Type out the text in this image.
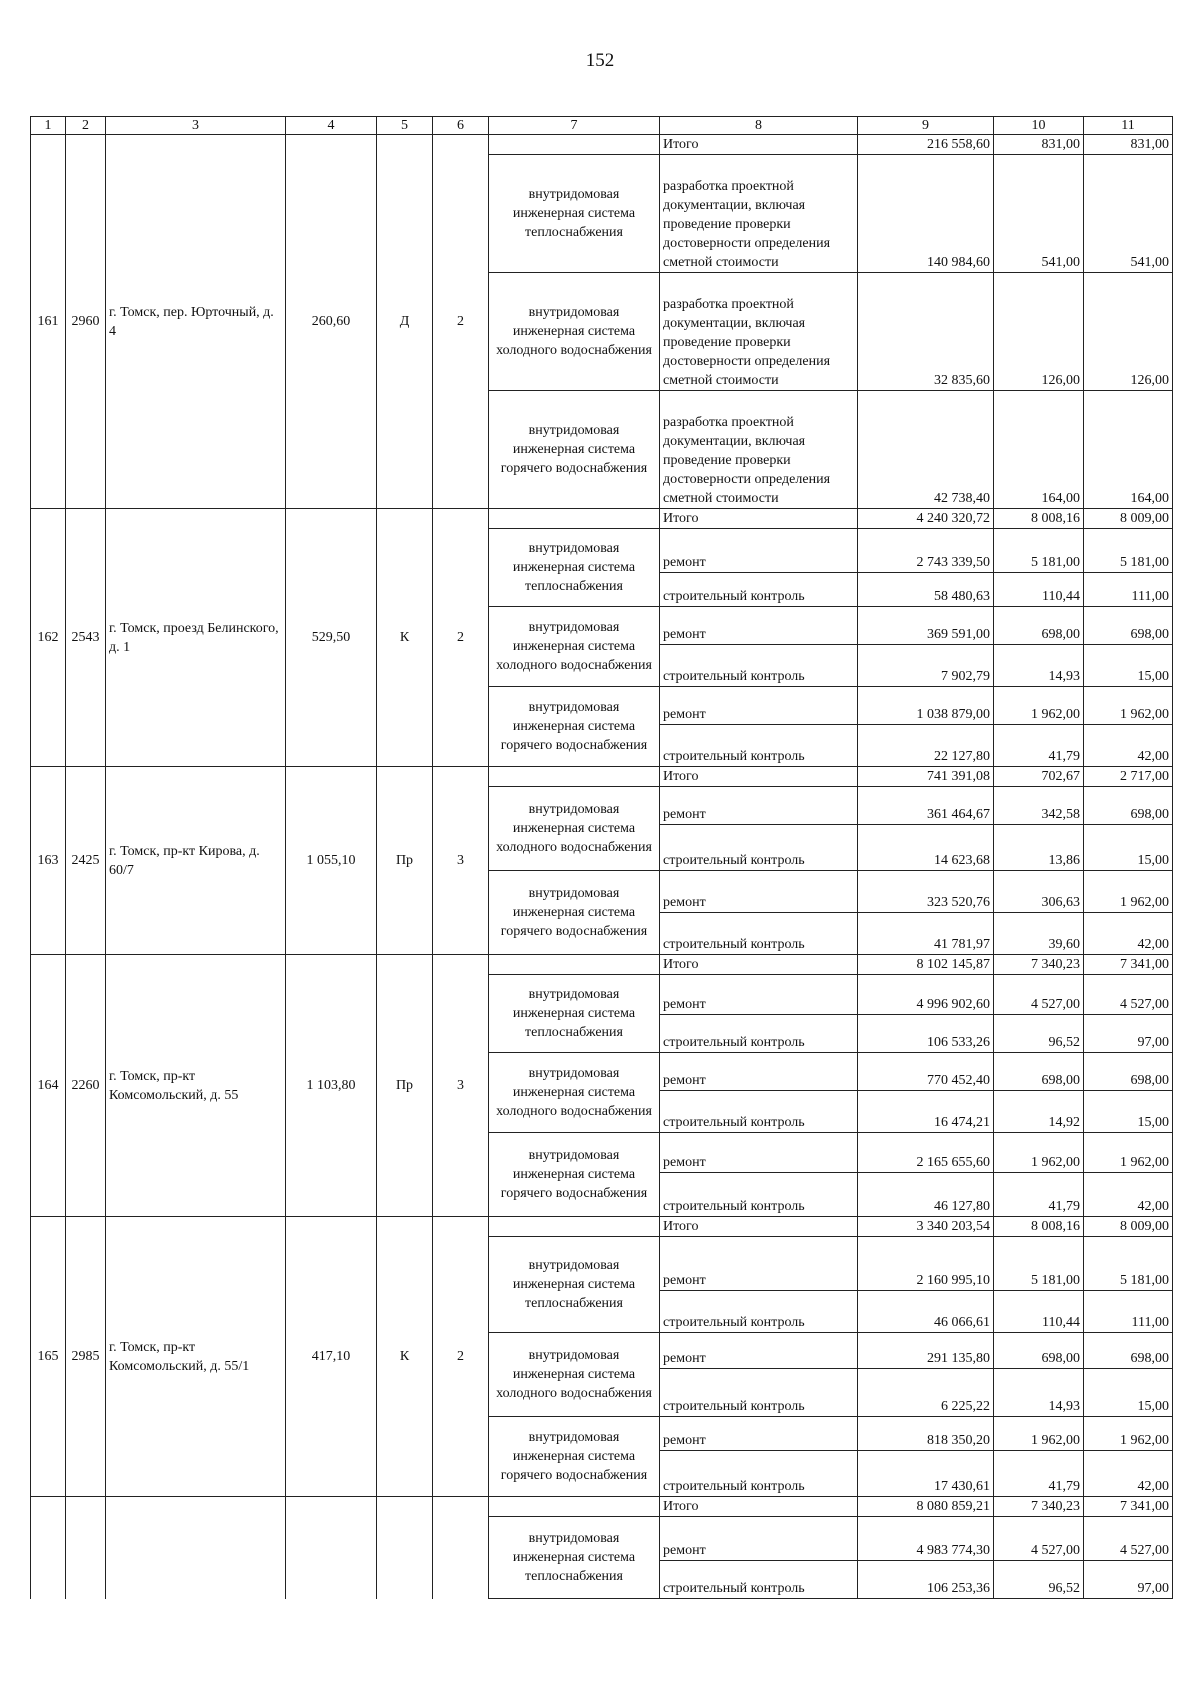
152
1	2	3	4	5	6	7	8	9	10	11
161	2960	г. Томск, пер. Юрточный, д. 4	260,60	Д	2		Итого	216 558,60	831,00	831,00
						внутридомовая инженерная система теплоснабжения	разработка проектной документации, включая проведение проверки достоверности определения сметной стоимости	140 984,60	541,00	541,00
						внутридомовая инженерная система холодного водоснабжения	разработка проектной документации, включая проведение проверки достоверности определения сметной стоимости	32 835,60	126,00	126,00
						внутридомовая инженерная система горячего водоснабжения	разработка проектной документации, включая проведение проверки достоверности определения сметной стоимости	42 738,40	164,00	164,00
162	2543	г. Томск, проезд Белинского, д. 1	529,50	К	2		Итого	4 240 320,72	8 008,16	8 009,00
						внутридомовая инженерная система теплоснабжения	ремонт	2 743 339,50	5 181,00	5 181,00
							строительный контроль	58 480,63	110,44	111,00
						внутридомовая инженерная система холодного водоснабжения	ремонт	369 591,00	698,00	698,00
							строительный контроль	7 902,79	14,93	15,00
						внутридомовая инженерная система горячего водоснабжения	ремонт	1 038 879,00	1 962,00	1 962,00
							строительный контроль	22 127,80	41,79	42,00
163	2425	г. Томск, пр-кт Кирова, д. 60/7	1 055,10	Пр	3		Итого	741 391,08	702,67	2 717,00
						внутридомовая инженерная система холодного водоснабжения	ремонт	361 464,67	342,58	698,00
							строительный контроль	14 623,68	13,86	15,00
						внутридомовая инженерная система горячего водоснабжения	ремонт	323 520,76	306,63	1 962,00
							строительный контроль	41 781,97	39,60	42,00
164	2260	г. Томск, пр-кт Комсомольский, д. 55	1 103,80	Пр	3		Итого	8 102 145,87	7 340,23	7 341,00
						внутридомовая инженерная система теплоснабжения	ремонт	4 996 902,60	4 527,00	4 527,00
							строительный контроль	106 533,26	96,52	97,00
						внутридомовая инженерная система холодного водоснабжения	ремонт	770 452,40	698,00	698,00
							строительный контроль	16 474,21	14,92	15,00
						внутридомовая инженерная система горячего водоснабжения	ремонт	2 165 655,60	1 962,00	1 962,00
							строительный контроль	46 127,80	41,79	42,00
165	2985	г. Томск, пр-кт Комсомольский, д. 55/1	417,10	К	2		Итого	3 340 203,54	8 008,16	8 009,00
						внутридомовая инженерная система теплоснабжения	ремонт	2 160 995,10	5 181,00	5 181,00
							строительный контроль	46 066,61	110,44	111,00
						внутридомовая инженерная система холодного водоснабжения	ремонт	291 135,80	698,00	698,00
							строительный контроль	6 225,22	14,93	15,00
						внутридомовая инженерная система горячего водоснабжения	ремонт	818 350,20	1 962,00	1 962,00
							строительный контроль	17 430,61	41,79	42,00
							Итого	8 080 859,21	7 340,23	7 341,00
						внутридомовая инженерная система теплоснабжения	ремонт	4 983 774,30	4 527,00	4 527,00
							строительный контроль	106 253,36	96,52	97,00
